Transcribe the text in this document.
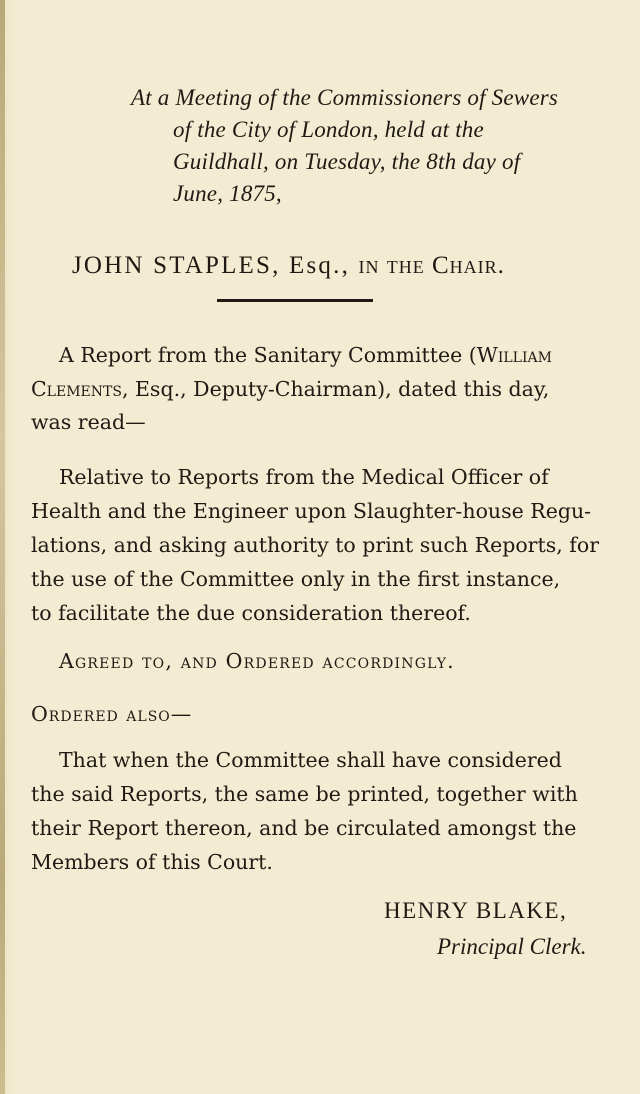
At a Meeting of the Commissioners of Sewers
of the City of London, held at the
Guildhall, on Tuesday, the 8th day of
June, 1875,
JOHN STAPLES, Esq., in the Chair.
A Report from the Sanitary Committee (William
Clements, Esq., Deputy-Chairman), dated this day,
was read—
Relative to Reports from the Medical Officer of
Health and the Engineer upon Slaughter-house Regu-
lations, and asking authority to print such Reports, for
the use of the Committee only in the first instance,
to facilitate the due consideration thereof.
Agreed to, and Ordered accordingly.
Ordered also—
That when the Committee shall have considered
the said Reports, the same be printed, together with
their Report thereon, and be circulated amongst the
Members of this Court.
HENRY BLAKE,
Principal Clerk.
